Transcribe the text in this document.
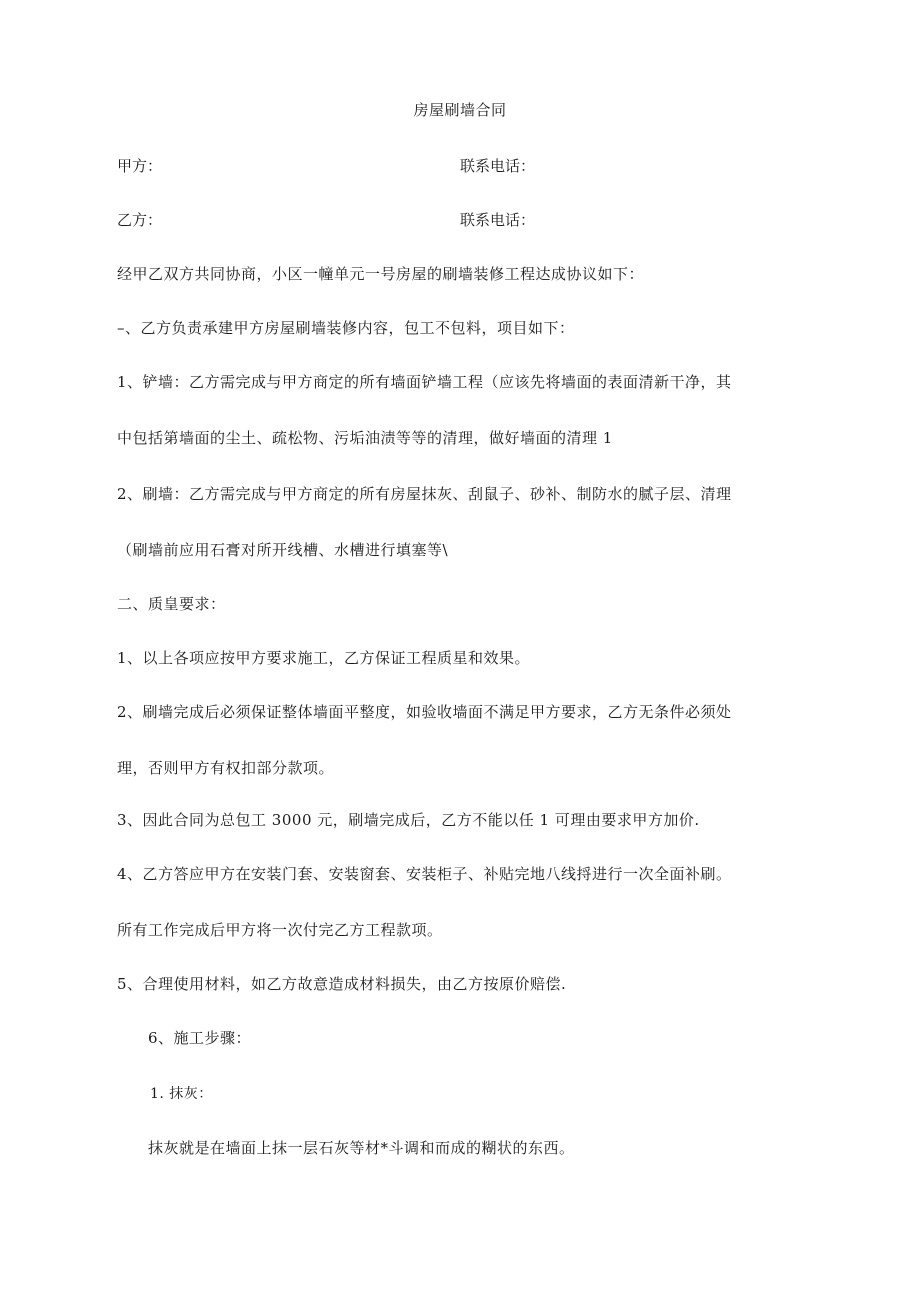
房屋刷墙合同
甲方：	联系电话：
乙方：	联系电话：
经甲乙双方共同协商，小区一幢单元一号房屋的刷墙装修工程达成协议如下：
–、乙方负责承建甲方房屋刷墙装修内容，包工不包料，项目如下：
1、铲墙：乙方需完成与甲方商定的所有墙面铲墙工程（应该先将墙面的表面清新干净，其
中包括第墙面的尘土、疏松物、污垢油渍等等的清理，做好墙面的清理 1
2、刷墙：乙方需完成与甲方商定的所有房屋抹灰、刮鼠子、砂补、制防水的腻子层、清理
（刷墙前应用石膏对所开线槽、水槽进行填塞等\
二、质皇要求：
1、以上各项应按甲方要求施工，乙方保证工程质星和效果。
2、刷墙完成后必须保证整体墙面平整度，如验收墙面不满足甲方要求，乙方无条件必须处
理，否则甲方有权扣部分款项。
3、因此合同为总包工 3000 元，刷墙完成后，乙方不能以任 1 可理由要求甲方加价.
4、乙方答应甲方在安装门套、安装窗套、安装柜子、补贴完地八线捋进行一次全面补刷。
所有工作完成后甲方将一次付完乙方工程款项。
5、合理使用材料，如乙方故意造成材料损失，由乙方按原价赔偿.
6、施工步骤：
1. 抹灰：
抹灰就是在墙面上抹一层石灰等材*斗调和而成的糊状的东西。
